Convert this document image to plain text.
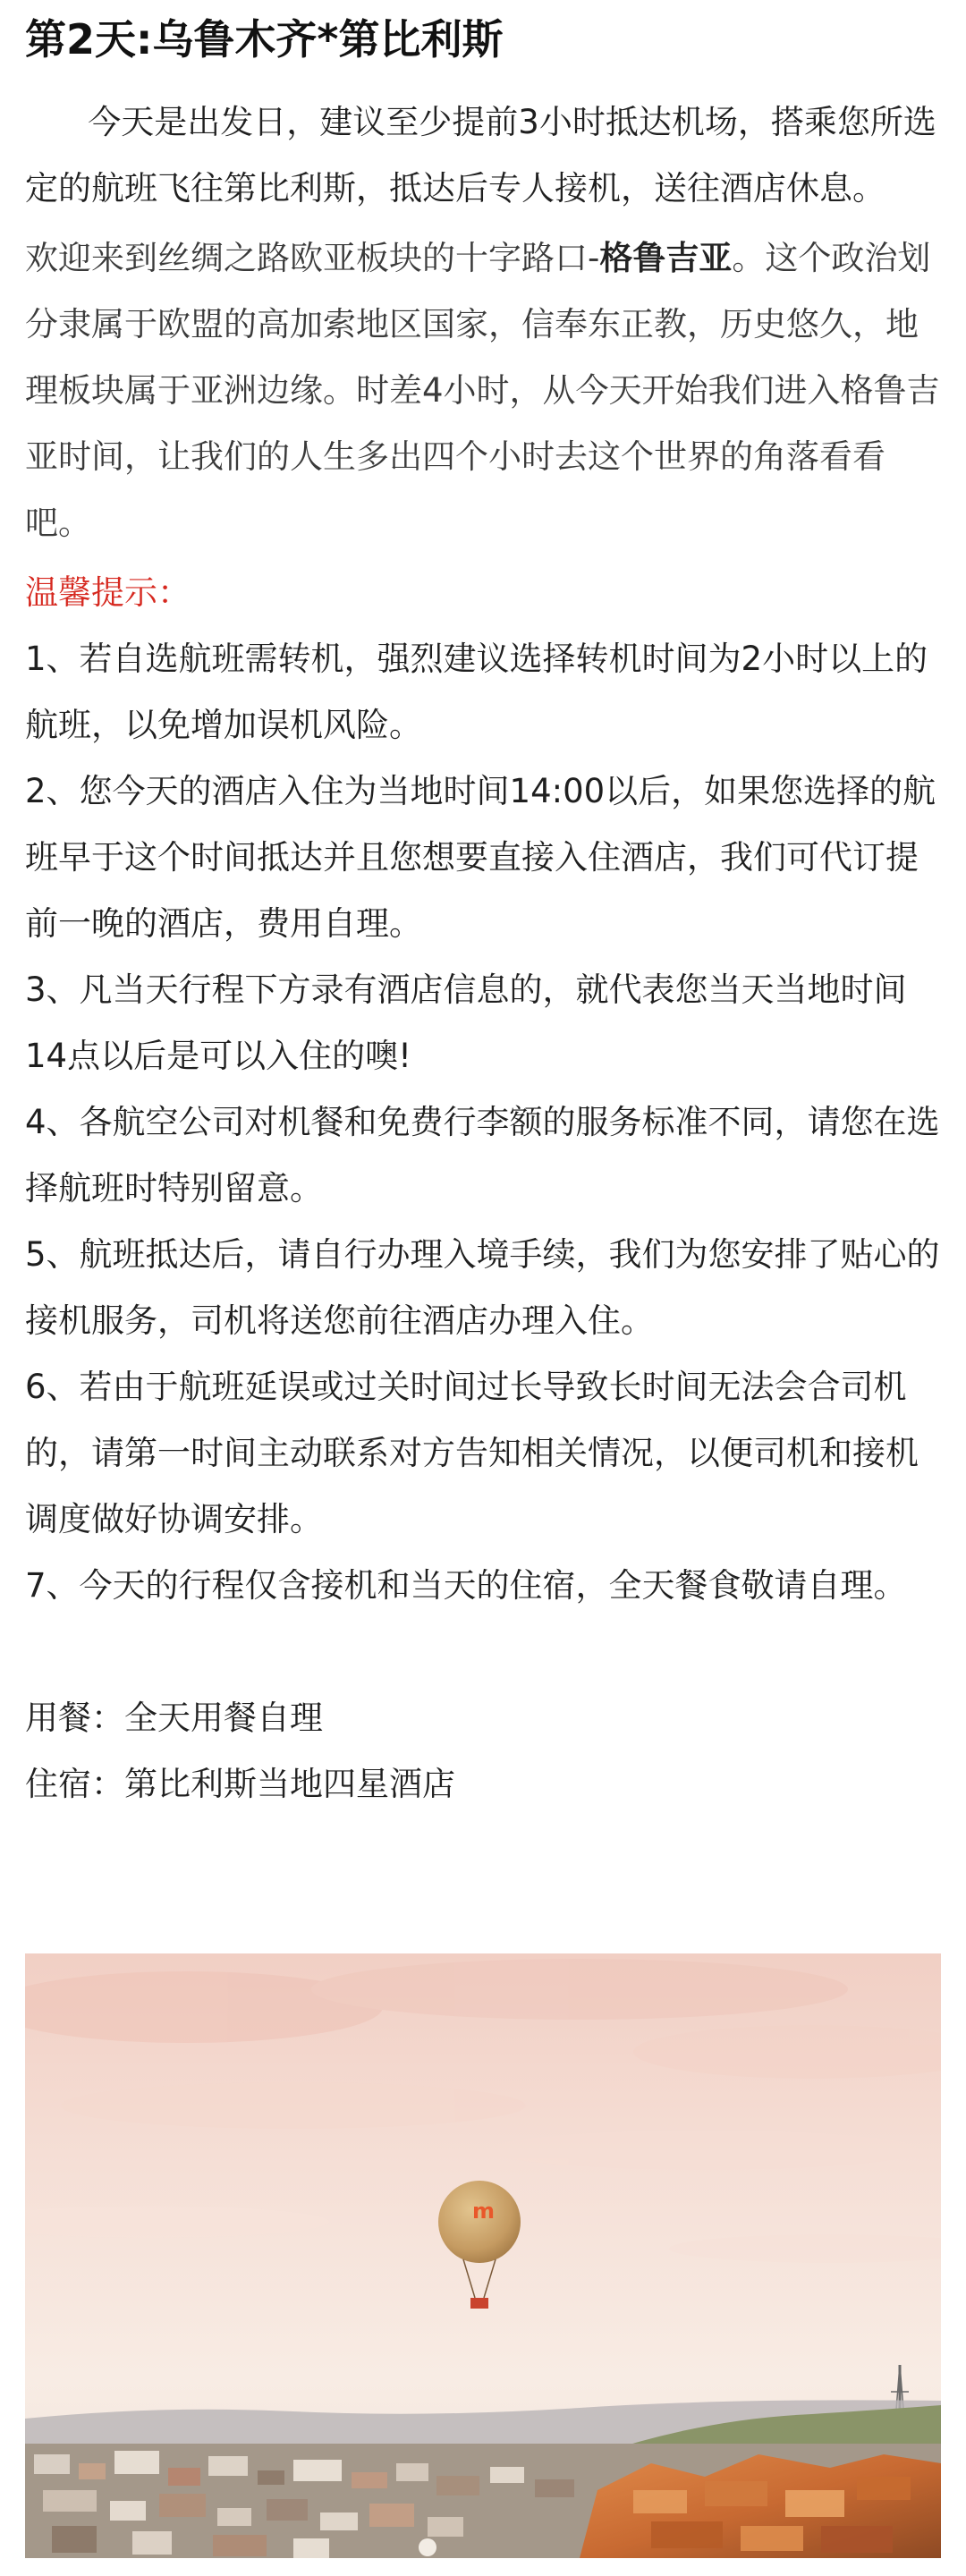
第2天:乌鲁木齐*第比利斯

今天是出发日，建议至少提前3小时抵达机场，搭乘您所选定的航班飞往第比利斯，抵达后专人接机，送往酒店休息。

欢迎来到丝绸之路欧亚板块的十字路口-格鲁吉亚。这个政治划分隶属于欧盟的高加索地区国家，信奉东正教，历史悠久，地理板块属于亚洲边缘。时差4小时，从今天开始我们进入格鲁吉亚时间，让我们的人生多出四个小时去这个世界的角落看看吧。

温馨提示：
1、若自选航班需转机，强烈建议选择转机时间为2小时以上的航班，以免增加误机风险。
2、您今天的酒店入住为当地时间14:00以后，如果您选择的航班早于这个时间抵达并且您想要直接入住酒店，我们可代订提前一晚的酒店，费用自理。
3、凡当天行程下方录有酒店信息的，就代表您当天当地时间14点以后是可以入住的噢!
4、各航空公司对机餐和免费行李额的服务标准不同，请您在选择航班时特别留意。
5、航班抵达后，请自行办理入境手续，我们为您安排了贴心的接机服务，司机将送您前往酒店办理入住。
6、若由于航班延误或过关时间过长导致长时间无法会合司机的，请第一时间主动联系对方告知相关情况，以便司机和接机调度做好协调安排。
7、今天的行程仅含接机和当天的住宿，全天餐食敬请自理。
用餐：全天用餐自理
住宿：第比利斯当地四星酒店
m
